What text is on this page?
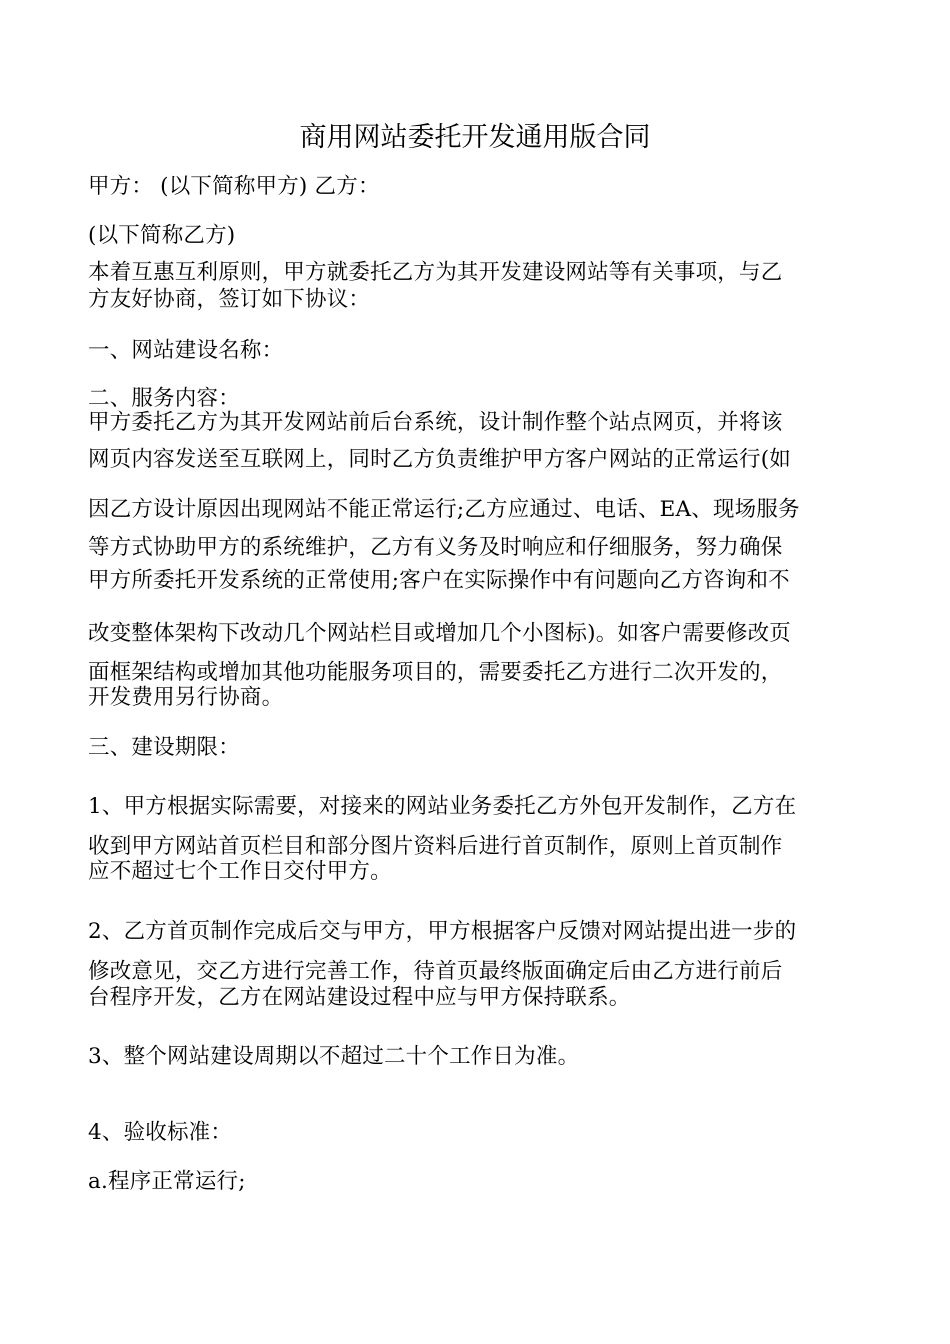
商用网站委托开发通用版合同
甲方： (以下简称甲方) 乙方：
(以下简称乙方)
本着互惠互利原则，甲方就委托乙方为其开发建设网站等有关事项，与乙
方友好协商，签订如下协议：
一、网站建设名称：
二、服务内容：
甲方委托乙方为其开发网站前后台系统，设计制作整个站点网页，并将该
网页内容发送至互联网上，同时乙方负责维护甲方客户网站的正常运行(如
因乙方设计原因出现网站不能正常运行;乙方应通过、电话、EA、现场服务
等方式协助甲方的系统维护，乙方有义务及时响应和仔细服务，努力确保
甲方所委托开发系统的正常使用;客户在实际操作中有问题向乙方咨询和不
改变整体架构下改动几个网站栏目或增加几个小图标)。如客户需要修改页
面框架结构或增加其他功能服务项目的，需要委托乙方进行二次开发的，
开发费用另行协商。
三、建设期限：
1、甲方根据实际需要，对接来的网站业务委托乙方外包开发制作，乙方在
收到甲方网站首页栏目和部分图片资料后进行首页制作，原则上首页制作
应不超过七个工作日交付甲方。
2、乙方首页制作完成后交与甲方，甲方根据客户反馈对网站提出进一步的
修改意见，交乙方进行完善工作，待首页最终版面确定后由乙方进行前后
台程序开发，乙方在网站建设过程中应与甲方保持联系。
3、整个网站建设周期以不超过二十个工作日为准。
4、验收标准：
a.程序正常运行;
